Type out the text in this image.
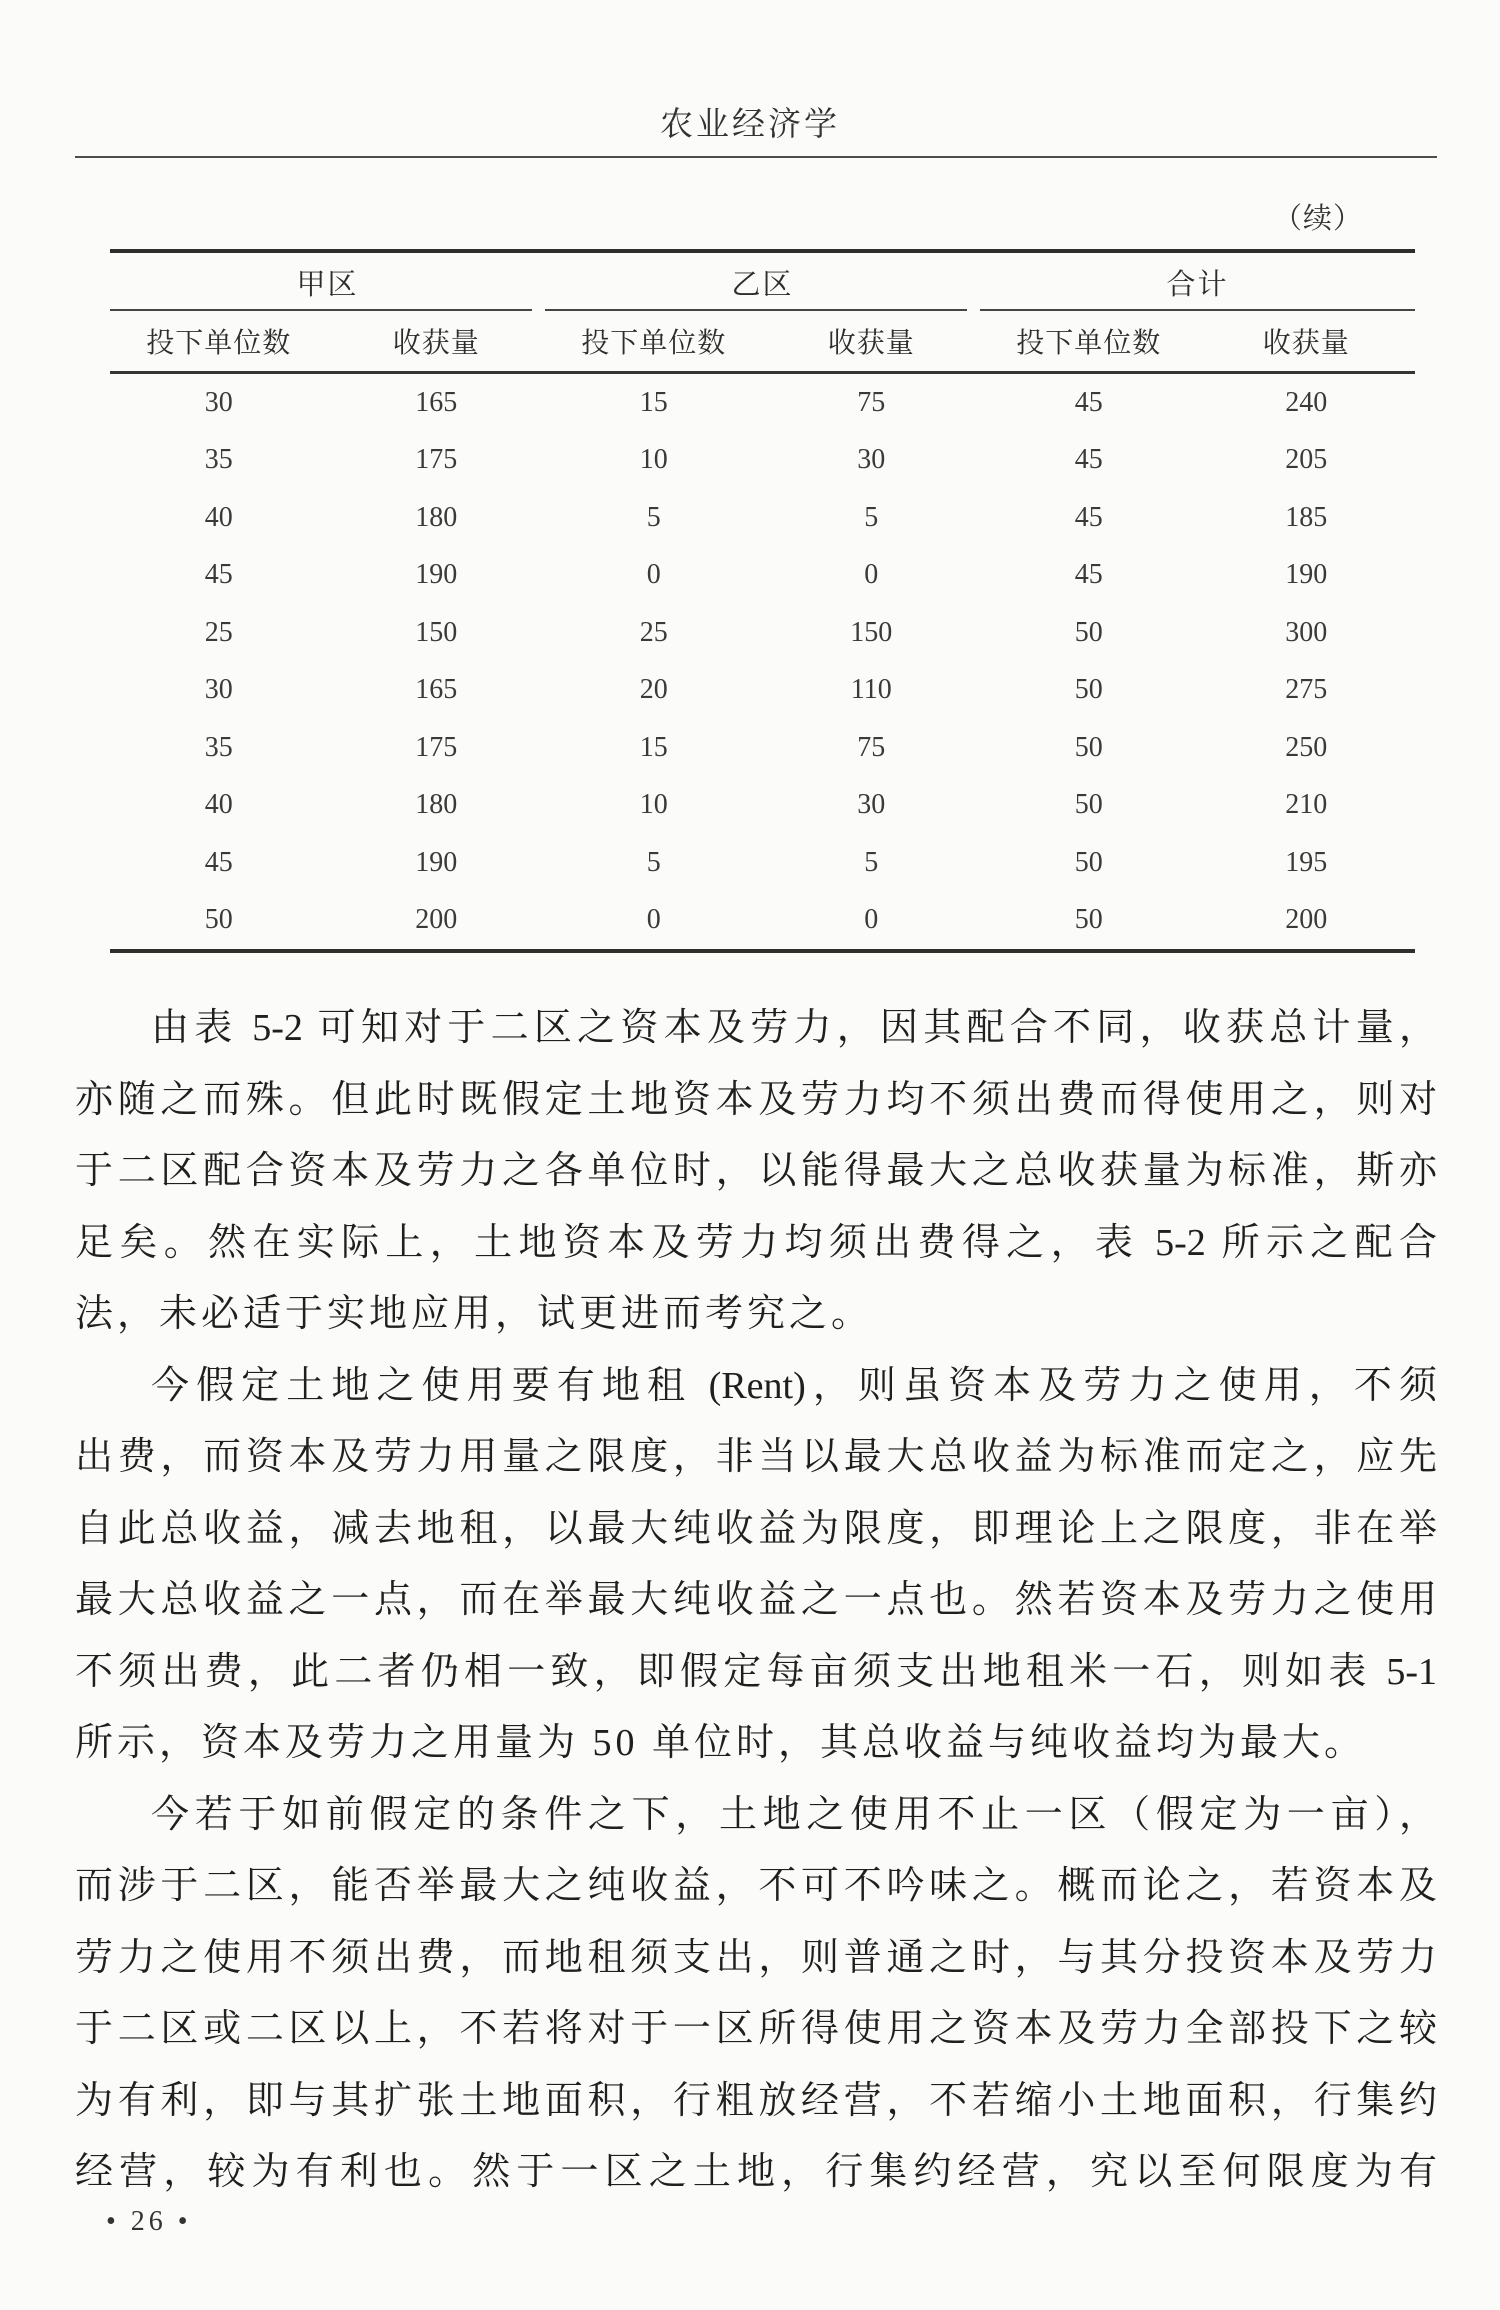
农业经济学
（续）
甲区	乙区	合计
投下单位数	收获量	投下单位数	收获量	投下单位数	收获量
30	165	15	75	45	240
35	175	10	30	45	205
40	180	5	5	45	185
45	190	0	0	45	190
25	150	25	150	50	300
30	165	20	110	50	275
35	175	15	75	50	250
40	180	10	30	50	210
45	190	5	5	50	195
50	200	0	0	50	200
由表 5-2 可知对于二区之资本及劳力，因其配合不同，收获总计量，
亦随之而殊。但此时既假定土地资本及劳力均不须出费而得使用之，则对
于二区配合资本及劳力之各单位时，以能得最大之总收获量为标准，斯亦
足矣。然在实际上，土地资本及劳力均须出费得之，表 5-2 所示之配合
法，未必适于实地应用，试更进而考究之。
今假定土地之使用要有地租 (Rent)，则虽资本及劳力之使用，不须
出费，而资本及劳力用量之限度，非当以最大总收益为标准而定之，应先
自此总收益，减去地租，以最大纯收益为限度，即理论上之限度，非在举
最大总收益之一点，而在举最大纯收益之一点也。然若资本及劳力之使用
不须出费，此二者仍相一致，即假定每亩须支出地租米一石，则如表 5-1
所示，资本及劳力之用量为 50 单位时，其总收益与纯收益均为最大。
今若于如前假定的条件之下，土地之使用不止一区（假定为一亩），
而涉于二区，能否举最大之纯收益，不可不吟味之。概而论之，若资本及
劳力之使用不须出费，而地租须支出，则普通之时，与其分投资本及劳力
于二区或二区以上，不若将对于一区所得使用之资本及劳力全部投下之较
为有利，即与其扩张土地面积，行粗放经营，不若缩小土地面积，行集约
经营，较为有利也。然于一区之土地，行集约经营，究以至何限度为有
• 26 •
